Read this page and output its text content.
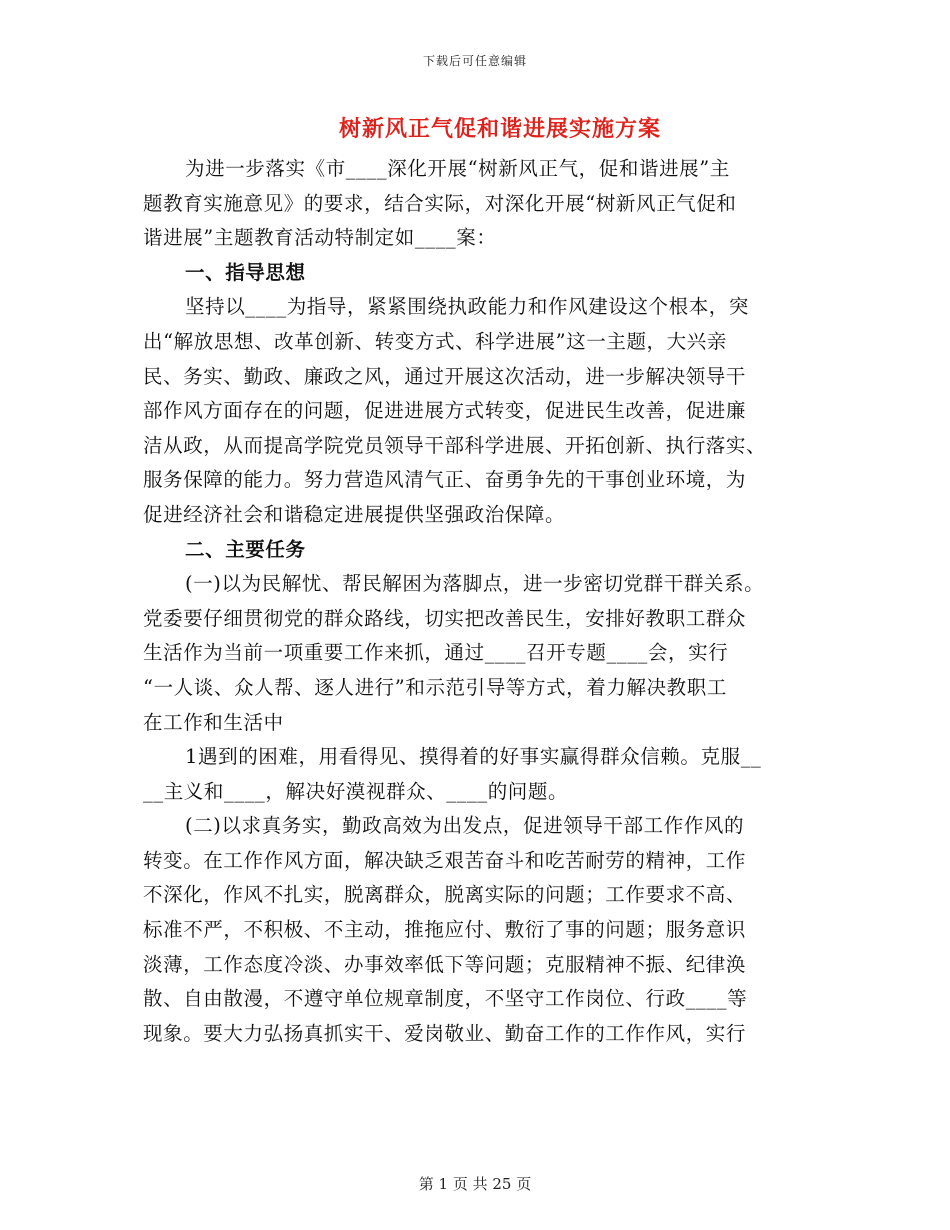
下载后可任意编辑
树新风正气促和谐进展实施方案
为进一步落实《市____深化开展“树新风正气，促和谐进展”主
题教育实施意见》的要求，结合实际，对深化开展“树新风正气促和
谐进展”主题教育活动特制定如____案：
一、指导思想
坚持以____为指导，紧紧围绕执政能力和作风建设这个根本，突
出“解放思想、改革创新、转变方式、科学进展”这一主题，大兴亲
民、务实、勤政、廉政之风，通过开展这次活动，进一步解决领导干
部作风方面存在的问题，促进进展方式转变，促进民生改善，促进廉
洁从政，从而提高学院党员领导干部科学进展、开拓创新、执行落实、
服务保障的能力。努力营造风清气正、奋勇争先的干事创业环境，为
促进经济社会和谐稳定进展提供坚强政治保障。
二、主要任务
(一)以为民解忧、帮民解困为落脚点，进一步密切党群干群关系。
党委要仔细贯彻党的群众路线，切实把改善民生，安排好教职工群众
生活作为当前一项重要工作来抓，通过____召开专题____会，实行
“一人谈、众人帮、逐人进行”和示范引导等方式，着力解决教职工
在工作和生活中
1遇到的困难，用看得见、摸得着的好事实赢得群众信赖。克服__
__主义和____，解决好漠视群众、____的问题。
(二)以求真务实，勤政高效为出发点，促进领导干部工作作风的
转变。在工作作风方面，解决缺乏艰苦奋斗和吃苦耐劳的精神，工作
不深化，作风不扎实，脱离群众，脱离实际的问题；工作要求不高、
标准不严，不积极、不主动，推拖应付、敷衍了事的问题；服务意识
淡薄，工作态度冷淡、办事效率低下等问题；克服精神不振、纪律涣
散、自由散漫，不遵守单位规章制度，不坚守工作岗位、行政____等
现象。要大力弘扬真抓实干、爱岗敬业、勤奋工作的工作作风，实行
第 1 页 共 25 页
